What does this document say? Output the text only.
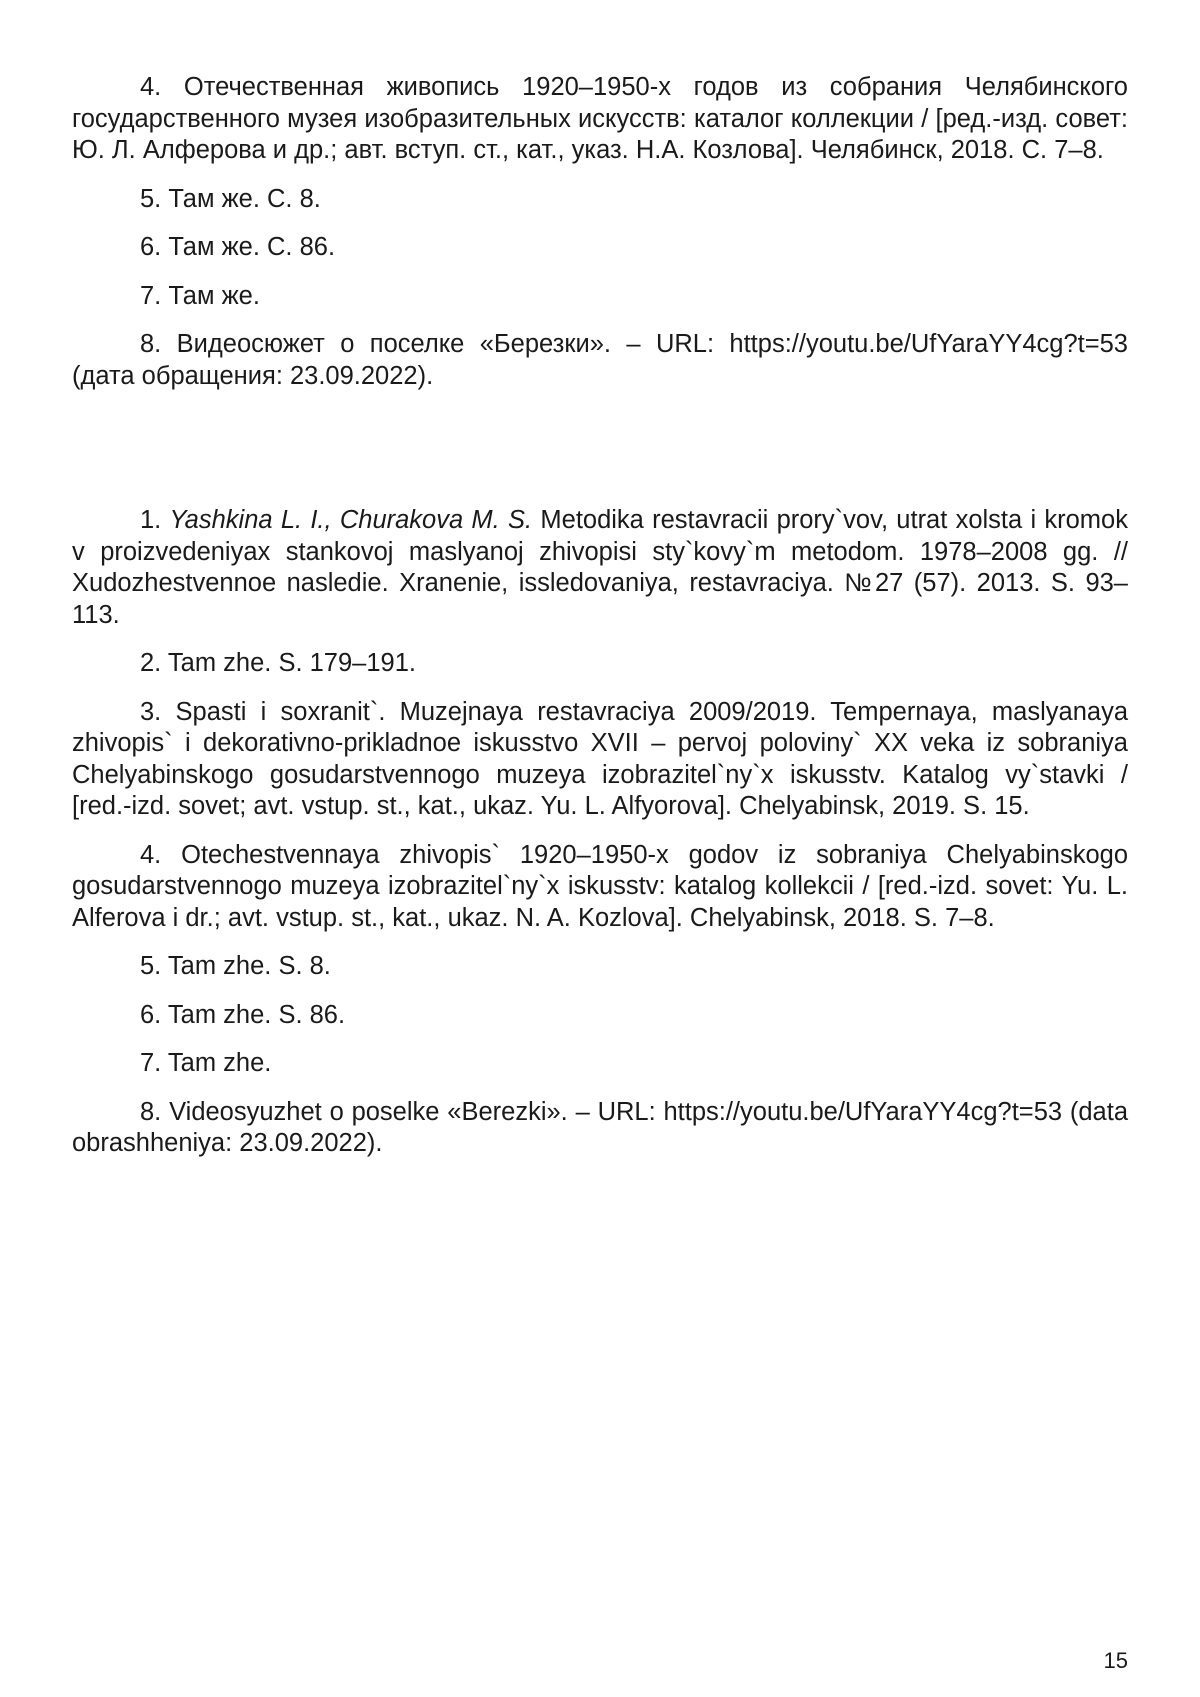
4. Отечественная живопись 1920–1950-х годов из собрания Челябинского государственного музея изобразительных искусств: каталог коллекции / [ред.-изд. совет: Ю. Л. Алферова и др.; авт. вступ. ст., кат., указ. Н.А. Козлова]. Челябинск, 2018. С. 7–8.

5. Там же. С. 8.

6. Там же. С. 86.

7. Там же.

8. Видеосюжет о поселке «Березки». – URL: https://youtu.be/UfYaraYY4cg?t=53 (дата обращения: 23.09.2022).

1. Yashkina L. I., Churakova M. S. Metodika restavracii prory`vov, utrat xolsta i kromok v proizvedeniyax stankovoj maslyanoj zhivopisi sty`kovy`m metodom. 1978–2008 gg. // Xudozhestvennoe nasledie. Xranenie, issledovaniya, restavraciya. №27 (57). 2013. S. 93–113.

2. Tam zhe. S. 179–191.

3. Spasti i soxranit`. Muzejnaya restavraciya 2009/2019. Tempernaya, maslyanaya zhivopis` i dekorativno-prikladnoe iskusstvo XVII – pervoj poloviny` XX veka iz sobraniya Chelyabinskogo gosudarstvennogo muzeya izobrazitel`ny`x iskusstv. Katalog vy`stavki / [red.-izd. sovet; avt. vstup. st., kat., ukaz. Yu. L. Alfyorova]. Chelyabinsk, 2019. S. 15.

4. Otechestvennaya zhivopis` 1920–1950-x godov iz sobraniya Chelyabinskogo gosudarstvennogo muzeya izobrazitel`ny`x iskusstv: katalog kollekcii / [red.-izd. sovet: Yu. L. Alferova i dr.; avt. vstup. st., kat., ukaz. N. A. Kozlova]. Chelyabinsk, 2018. S. 7–8.

5. Tam zhe. S. 8.

6. Tam zhe. S. 86.

7. Tam zhe.

8. Videosyuzhet o poselke «Berezki». – URL: https://youtu.be/UfYaraYY4cg?t=53 (data obrashheniya: 23.09.2022).

15
